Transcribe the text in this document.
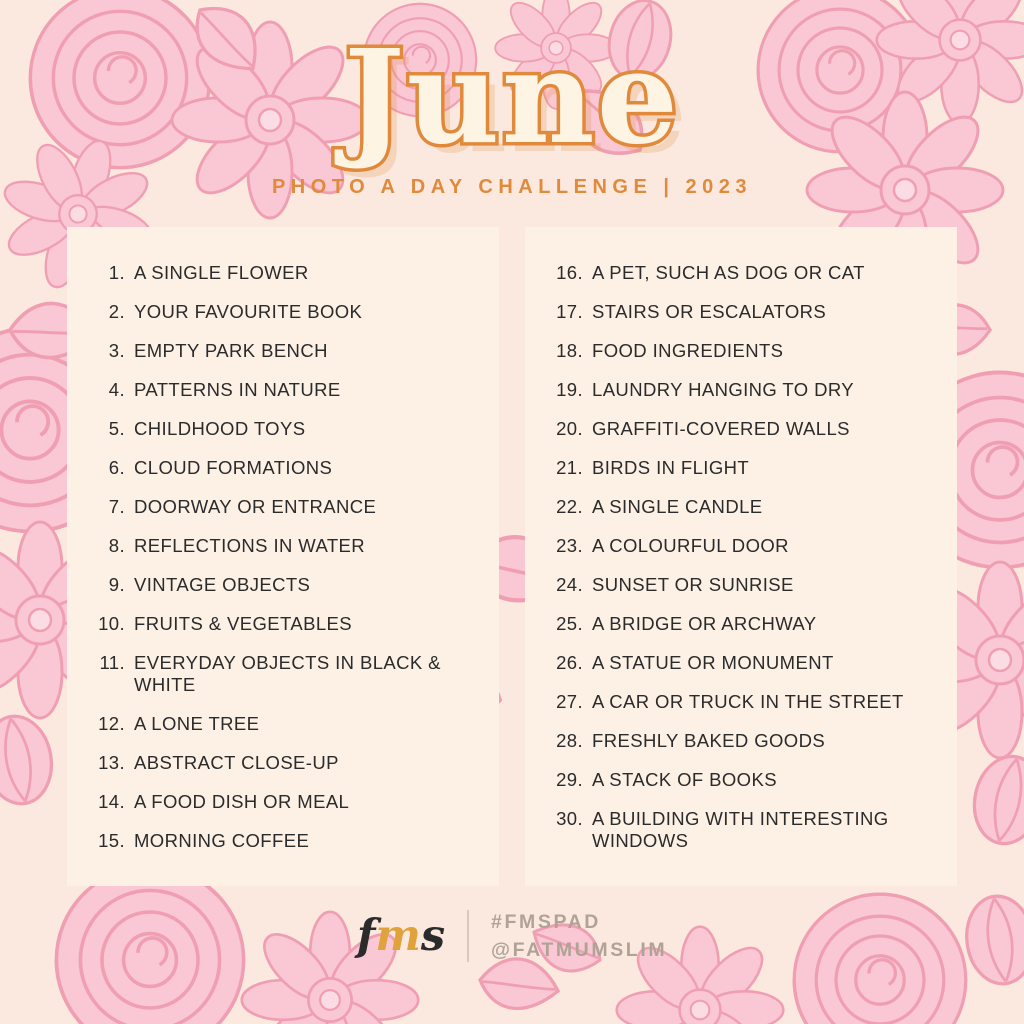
June
PHOTO A DAY CHALLENGE | 2023
1. A SINGLE FLOWER
2. YOUR FAVOURITE BOOK
3. EMPTY PARK BENCH
4. PATTERNS IN NATURE
5. CHILDHOOD TOYS
6. CLOUD FORMATIONS
7. DOORWAY OR ENTRANCE
8. REFLECTIONS IN WATER
9. VINTAGE OBJECTS
10. FRUITS & VEGETABLES
11. EVERYDAY OBJECTS IN BLACK & WHITE
12. A LONE TREE
13. ABSTRACT CLOSE-UP
14. A FOOD DISH OR MEAL
15. MORNING COFFEE
16. A PET, SUCH AS DOG OR CAT
17. STAIRS OR ESCALATORS
18. FOOD INGREDIENTS
19. LAUNDRY HANGING TO DRY
20. GRAFFITI-COVERED WALLS
21. BIRDS IN FLIGHT
22. A SINGLE CANDLE
23. A COLOURFUL DOOR
24. SUNSET OR SUNRISE
25. A BRIDGE OR ARCHWAY
26. A STATUE OR MONUMENT
27. A CAR OR TRUCK IN THE STREET
28. FRESHLY BAKED GOODS
29. A STACK OF BOOKS
30. A BUILDING WITH INTERESTING WINDOWS
fms #FMSPAD
@FATMUMSLIM
